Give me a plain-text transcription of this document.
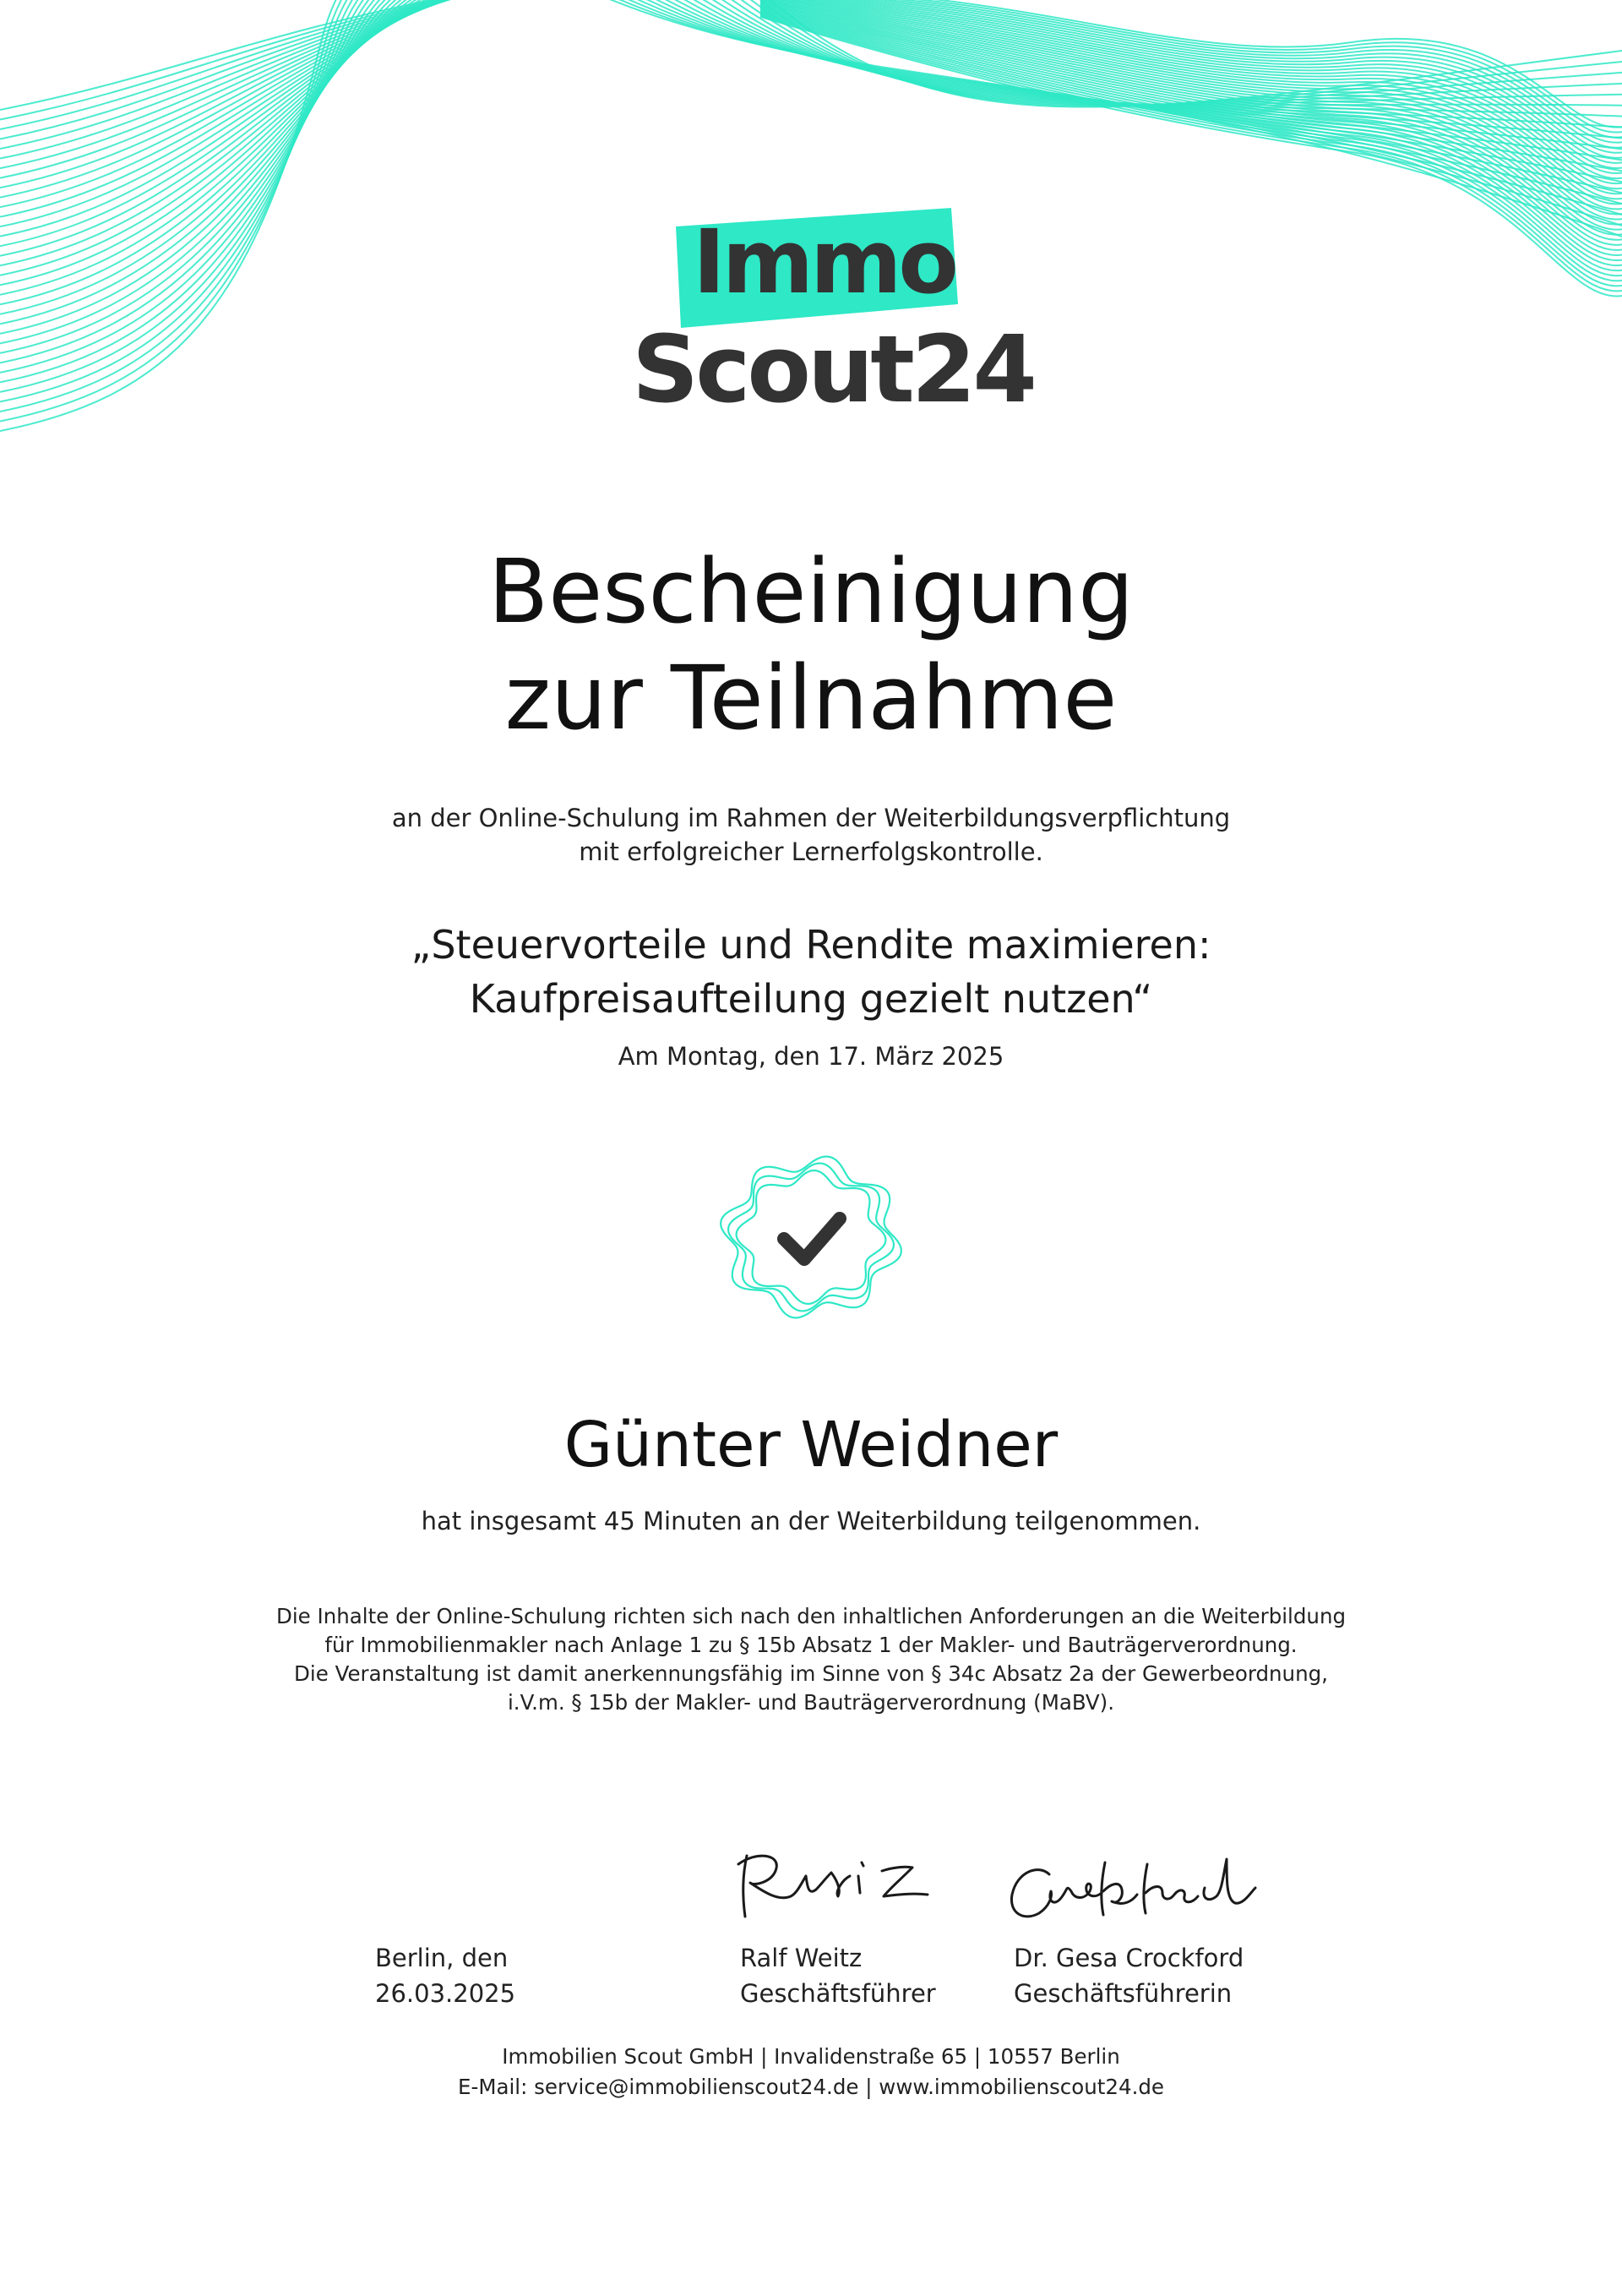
Immo
Scout24
Bescheinigung
zur Teilnahme
an der Online-Schulung im Rahmen der Weiterbildungsverpflichtung
mit erfolgreicher Lernerfolgskontrolle.
„Steuervorteile und Rendite maximieren:
Kaufpreisaufteilung gezielt nutzen“
Am Montag, den 17. März 2025
Günter Weidner
hat insgesamt 45 Minuten an der Weiterbildung teilgenommen.
Die Inhalte der Online-Schulung richten sich nach den inhaltlichen Anforderungen an die Weiterbildung
für Immobilienmakler nach Anlage 1 zu § 15b Absatz 1 der Makler- und Bauträgerverordnung.
Die Veranstaltung ist damit anerkennungsfähig im Sinne von § 34c Absatz 2a der Gewerbeordnung,
i.V.m. § 15b der Makler- und Bauträgerverordnung (MaBV).
Berlin, den
26.03.2025
Ralf Weitz
Geschäftsführer
Dr. Gesa Crockford
Geschäftsführerin
Immobilien Scout GmbH | Invalidenstraße 65 | 10557 Berlin
E-Mail: service@immobilienscout24.de | www.immobilienscout24.de
